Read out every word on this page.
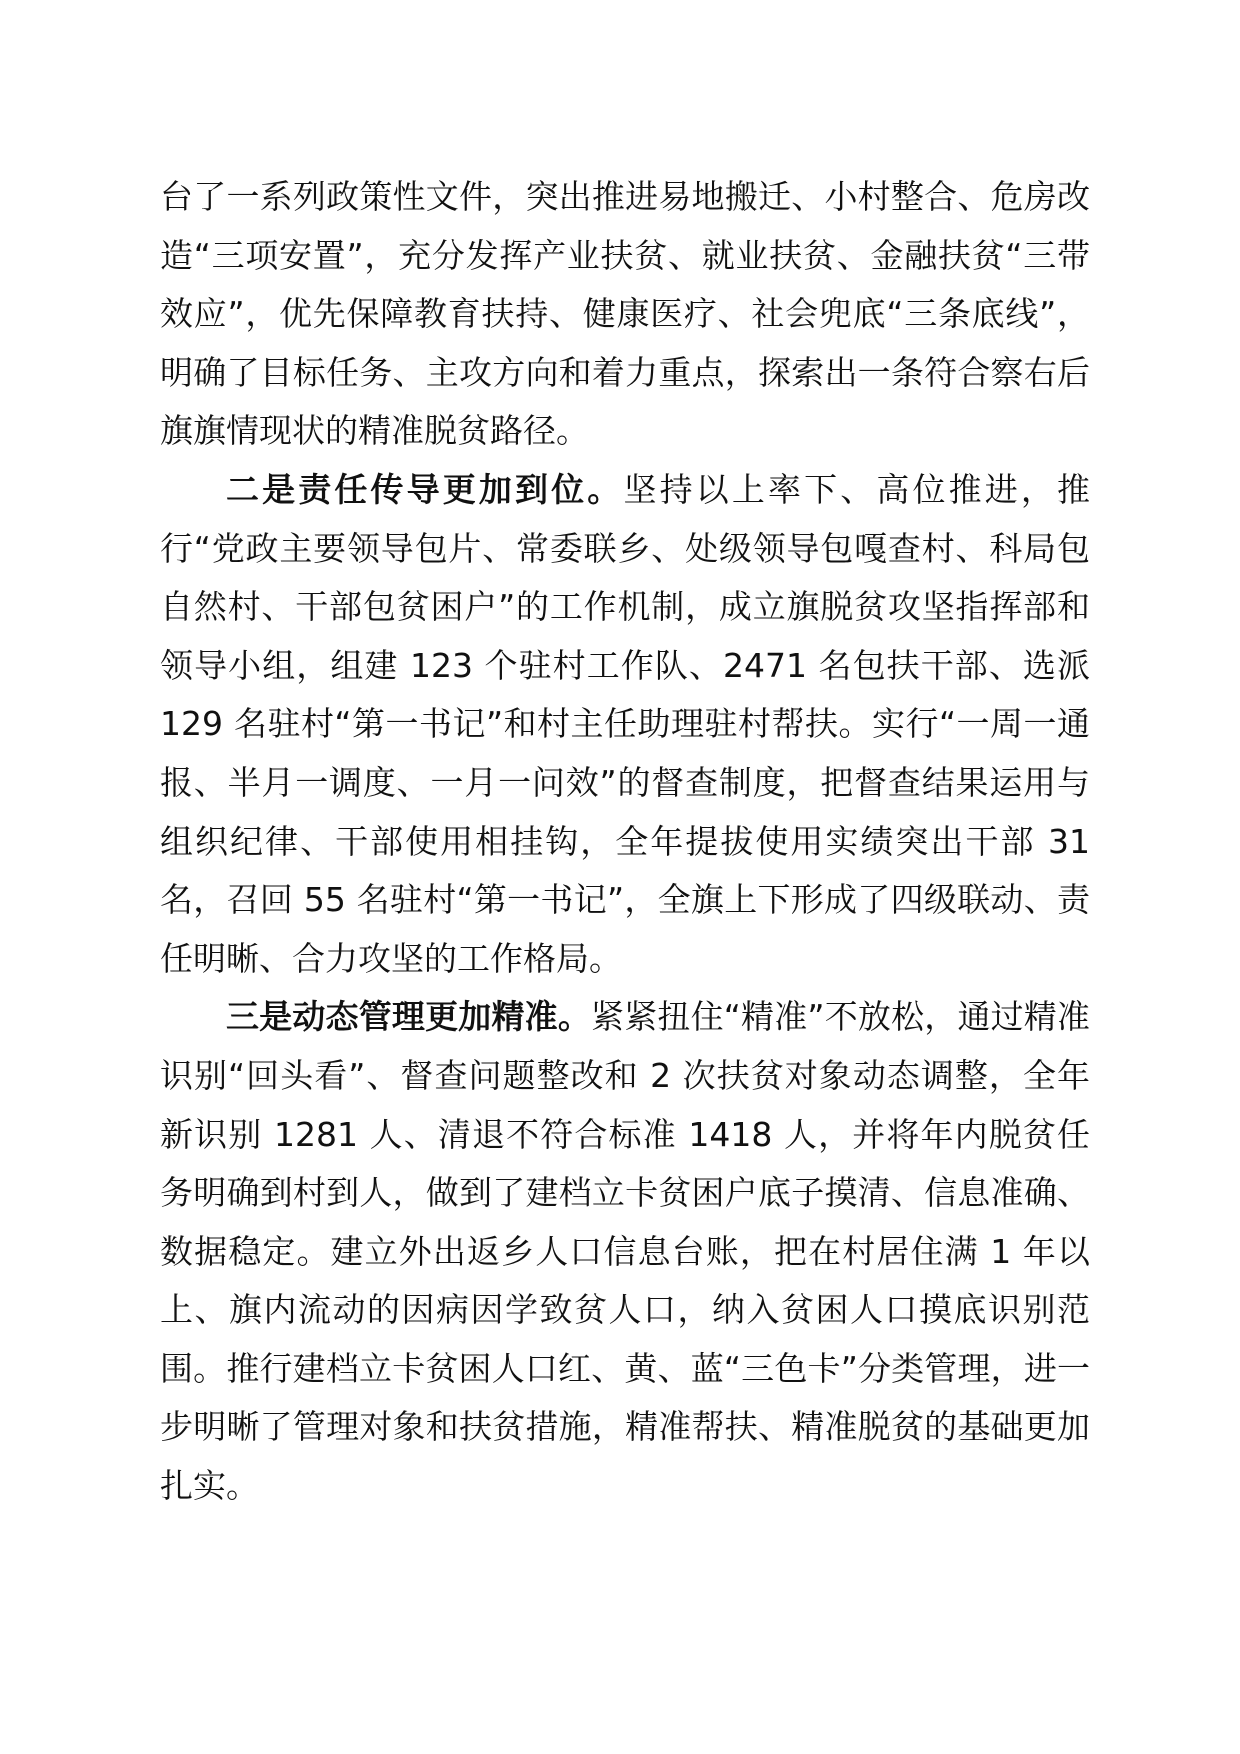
台了一系列政策性文件，突出推进易地搬迁、小村整合、危房改造“三项安置”，充分发挥产业扶贫、就业扶贫、金融扶贫“三带效应”，优先保障教育扶持、健康医疗、社会兜底“三条底线”，明确了目标任务、主攻方向和着力重点，探索出一条符合察右后旗旗情现状的精准脱贫路径。

二是责任传导更加到位。坚持以上率下、高位推进，推行“党政主要领导包片、常委联乡、处级领导包嘎查村、科局包自然村、干部包贫困户”的工作机制，成立旗脱贫攻坚指挥部和领导小组，组建 123 个驻村工作队、2471 名包扶干部、选派 129 名驻村“第一书记”和村主任助理驻村帮扶。实行“一周一通报、半月一调度、一月一问效”的督查制度，把督查结果运用与组织纪律、干部使用相挂钩，全年提拔使用实绩突出干部 31 名，召回 55 名驻村“第一书记”，全旗上下形成了四级联动、责任明晰、合力攻坚的工作格局。

三是动态管理更加精准。紧紧扭住“精准”不放松，通过精准识别“回头看”、督查问题整改和 2 次扶贫对象动态调整，全年新识别 1281 人、清退不符合标准 1418 人，并将年内脱贫任务明确到村到人，做到了建档立卡贫困户底子摸清、信息准确、数据稳定。建立外出返乡人口信息台账，把在村居住满 1 年以上、旗内流动的因病因学致贫人口，纳入贫困人口摸底识别范围。推行建档立卡贫困人口红、黄、蓝“三色卡”分类管理，进一步明晰了管理对象和扶贫措施，精准帮扶、精准脱贫的基础更加扎实。
